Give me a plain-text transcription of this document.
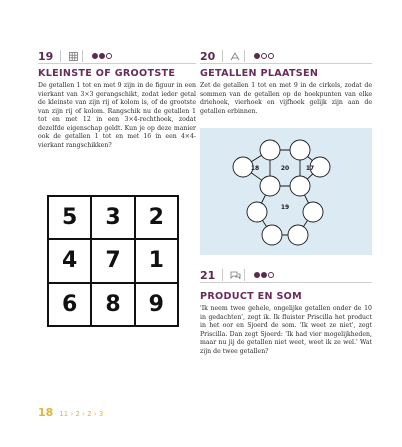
19
KLEINSTE OF GROOTSTE
De getallen 1 tot en met 9 zijn in de figuur in een vierkant van 3×3 gerangschikt, zodat ieder getal de kleinste van zijn rij of kolom is, of de grootste van zijn rij of kolom. Rangschik nu de getallen 1 tot en met 12 in een 3×4-rechthoek, zodat dezelfde eigenschap geldt. Kun je op deze manier ook de getallen 1 tot en met 16 in een 4×4-vierkant rangschikken?
5	3	2
4	7	1
6	8	9
20
GETALLEN PLAATSEN
Zet de getallen 1 tot en met 9 in de cirkels, zodat de sommen van de getallen op de hoekpunten van elke driehoek, vierhoek en vijfhoek gelijk zijn aan de getallen erbinnen.
18	20	17
19
21
PRODUCT EN SOM
'Ik neem twee gehele, ongelijke getallen onder de 10 in gedachten', zegt ik. Ik fluister Priscilla het product in het oor en Sjoerd de som. 'Ik weet ze niet', zegt Priscilla. Dan zegt Sjoerd: 'Ik had vier mogelijkheden, maar nu jij de getallen niet weet, weet ik ze wel.' Wat zijn de twee getallen?
18 11 › 2 › 2 › 3
